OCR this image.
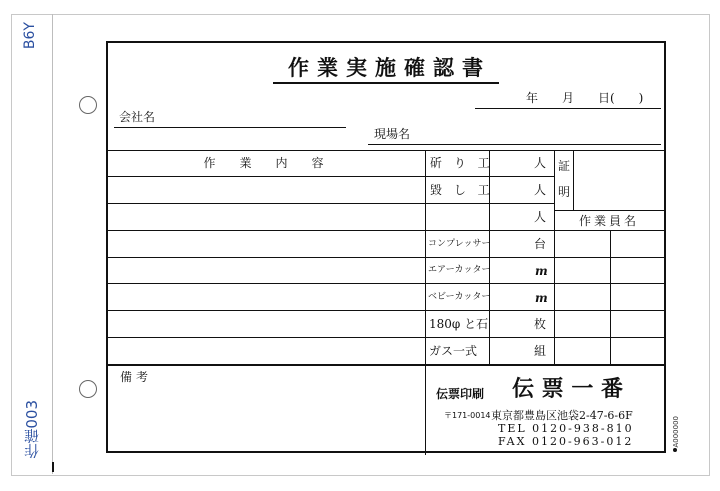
B6Y
作確003	A000000
作業実施確認書
年　　月　　日(　　)
会社名
現場名
作　業　内　容	斫 り 工
毀 し 工
コンプレッサー
エアーカッター
ベビーカッター
180φ と石
ガス一式
人
人
人
台
m
m
枚
組
証
明
作業員名
備考
伝票印刷 伝 票 一 番
〒171-0014 東京都豊島区池袋2-47-6-6F
TEL 0120-938-810
FAX 0120-963-012
